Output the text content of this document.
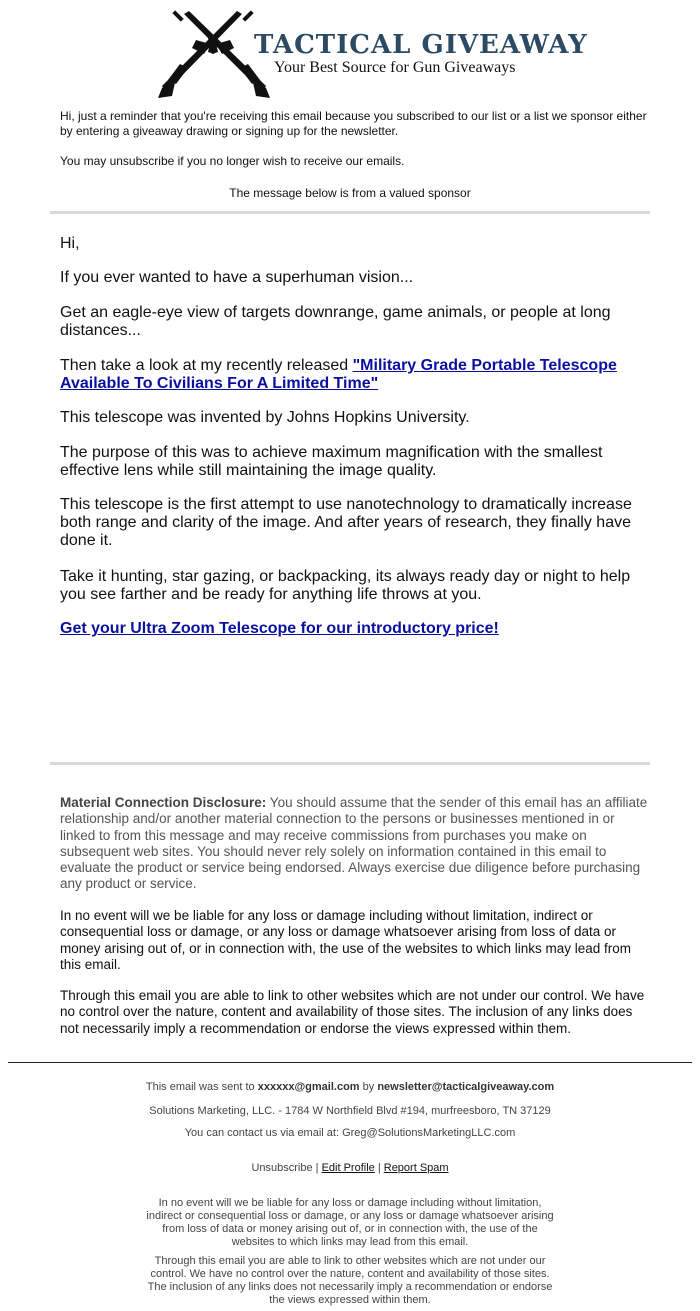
TACTICAL GIVEAWAY
Your Best Source for Gun Giveaways
Hi, just a reminder that you're receiving this email because you subscribed to our list or a list we sponsor either by entering a giveaway drawing or signing up for the newsletter.
You may unsubscribe if you no longer wish to receive our emails.
The message below is from a valued sponsor

Hi,

If you ever wanted to have a superhuman vision...

Get an eagle-eye view of targets downrange, game animals, or people at long distances...

Then take a look at my recently released "Military Grade Portable Telescope Available To Civilians For A Limited Time"

This telescope was invented by Johns Hopkins University.

The purpose of this was to achieve maximum magnification with the smallest effective lens while still maintaining the image quality.

This telescope is the first attempt to use nanotechnology to dramatically increase both range and clarity of the image. And after years of research, they finally have done it.

Take it hunting, star gazing, or backpacking, its always ready day or night to help you see farther and be ready for anything life throws at you.

Get your Ultra Zoom Telescope for our introductory price!

Material Connection Disclosure: You should assume that the sender of this email has an affiliate relationship and/or another material connection to the persons or businesses mentioned in or linked to from this message and may receive commissions from purchases you make on subsequent web sites. You should never rely solely on information contained in this email to evaluate the product or service being endorsed. Always exercise due diligence before purchasing any product or service.

In no event will we be liable for any loss or damage including without limitation, indirect or consequential loss or damage, or any loss or damage whatsoever arising from loss of data or money arising out of, or in connection with, the use of the websites to which links may lead from this email.

Through this email you are able to link to other websites which are not under our control. We have no control over the nature, content and availability of those sites. The inclusion of any links does not necessarily imply a recommendation or endorse the views expressed within them.

This email was sent to xxxxxx@gmail.com by newsletter@tacticalgiveaway.com

Solutions Marketing, LLC. - 1784 W Northfield Blvd #194, murfreesboro, TN 37129

You can contact us via email at: Greg@SolutionsMarketingLLC.com

Unsubscribe | Edit Profile | Report Spam

In no event will we be liable for any loss or damage including without limitation, indirect or consequential loss or damage, or any loss or damage whatsoever arising from loss of data or money arising out of, or in connection with, the use of the websites to which links may lead from this email.

Through this email you are able to link to other websites which are not under our control. We have no control over the nature, content and availability of those sites. The inclusion of any links does not necessarily imply a recommendation or endorse the views expressed within them.
